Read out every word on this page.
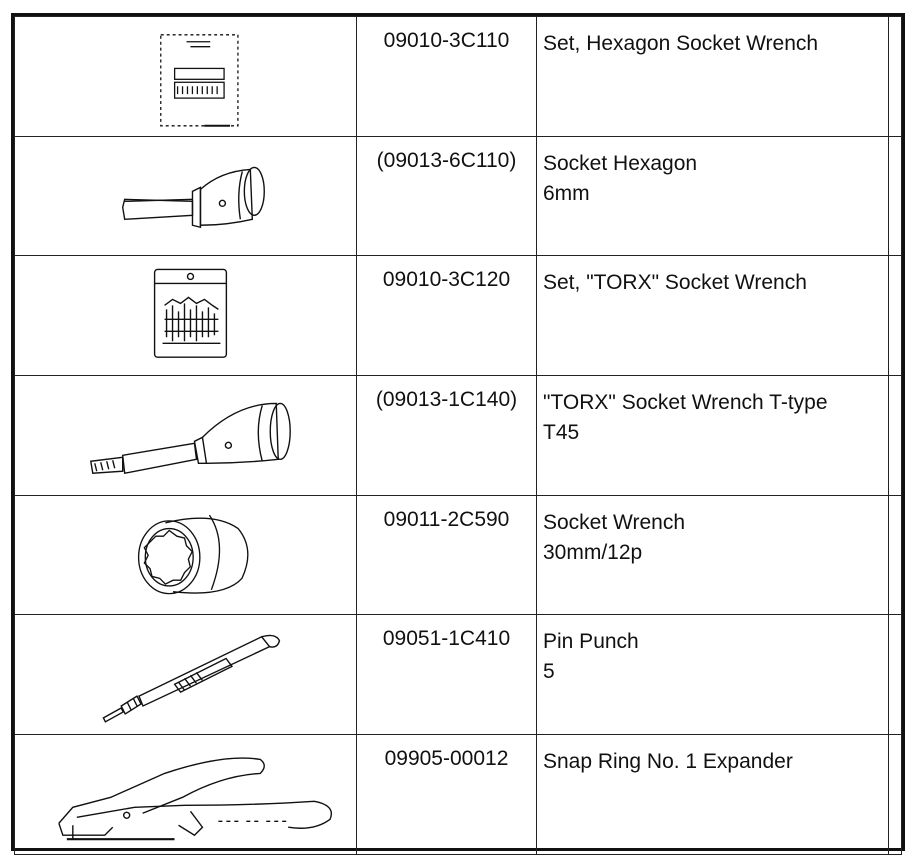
	09010-3C110	Set, Hexagon Socket Wrench	

	(09013-6C110)	Socket Hexagon
6mm	

	09010-3C120	Set, "TORX" Socket Wrench	

	(09013-1C140)	"TORX" Socket Wrench T-type
T45	

	09011-2C590	Socket Wrench
30mm/12p	

	09051-1C410	Pin Punch
5	

	09905-00012	Snap Ring No. 1 Expander	
